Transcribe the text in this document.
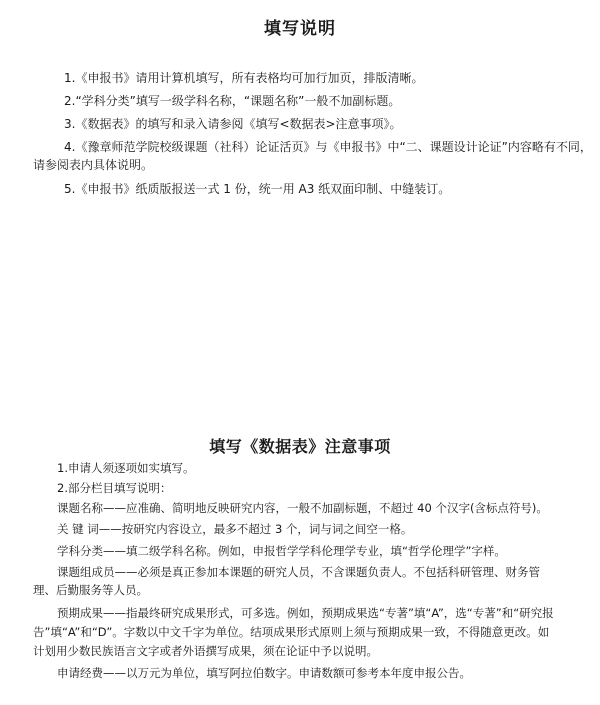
填写说明
1.《申报书》请用计算机填写，所有表格均可加行加页，排版清晰。
2.“学科分类”填写一级学科名称，“课题名称”一般不加副标题。
3.《数据表》的填写和录入请参阅《填写<数据表>注意事项》。
4.《豫章师范学院校级课题（社科）论证活页》与《申报书》中“二、课题设计论证”内容略有不同，
请参阅表内具体说明。
5.《申报书》纸质版报送一式 1 份，统一用 A3 纸双面印制、中缝装订。
填写《数据表》注意事项
1.申请人须逐项如实填写。
2.部分栏目填写说明：
课题名称——应准确、简明地反映研究内容，一般不加副标题，不超过 40 个汉字(含标点符号)。
关 键 词——按研究内容设立，最多不超过 3 个，词与词之间空一格。
学科分类——填二级学科名称。例如，申报哲学学科伦理学专业，填“哲学伦理学”字样。
课题组成员——必须是真正参加本课题的研究人员，不含课题负责人。不包括科研管理、财务管
理、后勤服务等人员。
预期成果——指最终研究成果形式，可多选。例如，预期成果选“专著”填“A”，选“专著”和“研究报
告”填“A”和“D”。字数以中文千字为单位。结项成果形式原则上须与预期成果一致，不得随意更改。如
计划用少数民族语言文字或者外语撰写成果，须在论证中予以说明。
申请经费——以万元为单位，填写阿拉伯数字。申请数额可参考本年度申报公告。
